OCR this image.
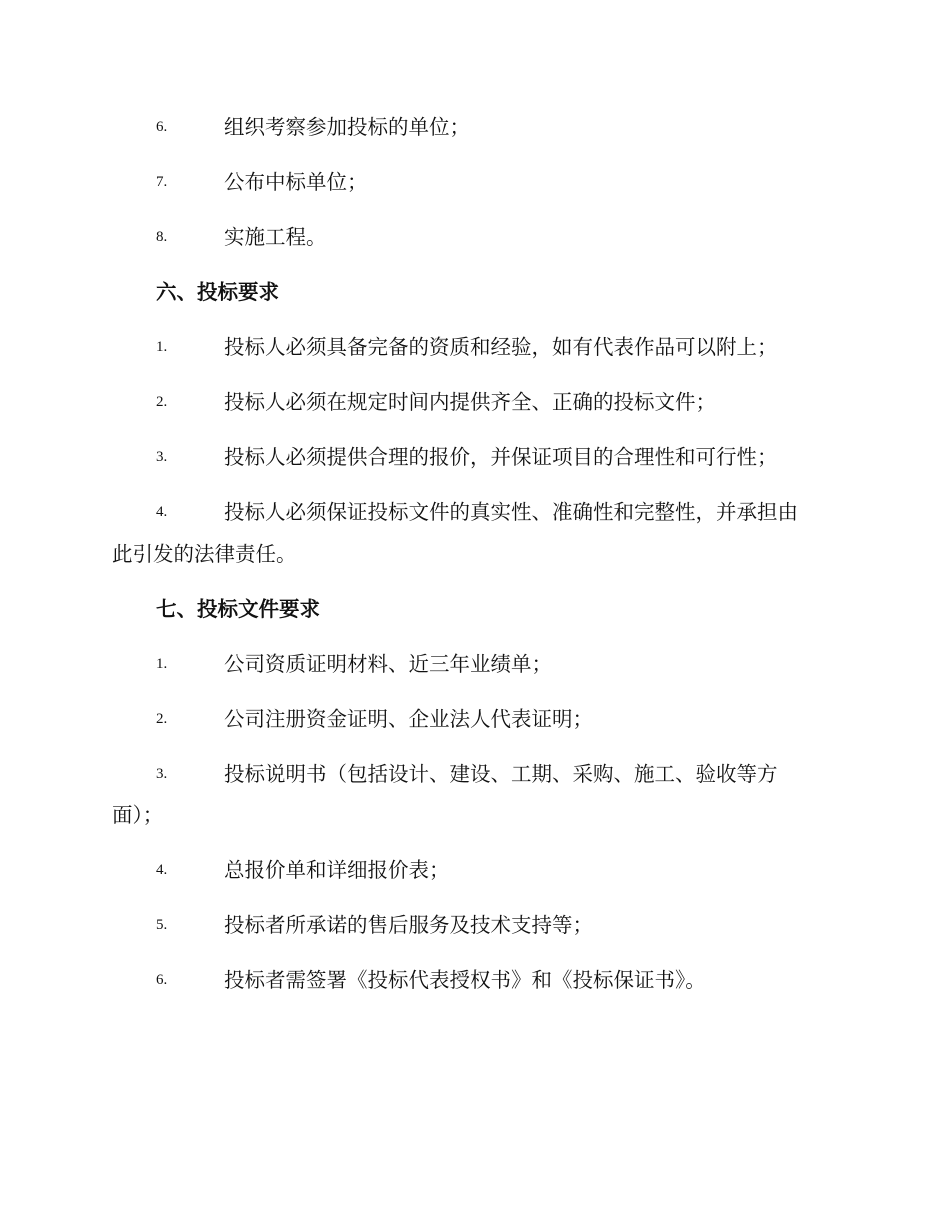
6.	组织考察参加投标的单位；
7.	公布中标单位；
8.	实施工程。
六、投标要求
1.	投标人必须具备完备的资质和经验，如有代表作品可以附上；
2.	投标人必须在规定时间内提供齐全、正确的投标文件；
3.	投标人必须提供合理的报价，并保证项目的合理性和可行性；
4.	投标人必须保证投标文件的真实性、准确性和完整性，并承担由
此引发的法律责任。
七、投标文件要求
1.	公司资质证明材料、近三年业绩单；
2.	公司注册资金证明、企业法人代表证明；
3.	投标说明书（包括设计、建设、工期、采购、施工、验收等方
面）；
4.	总报价单和详细报价表；
5.	投标者所承诺的售后服务及技术支持等；
6.	投标者需签署《投标代表授权书》和《投标保证书》。
